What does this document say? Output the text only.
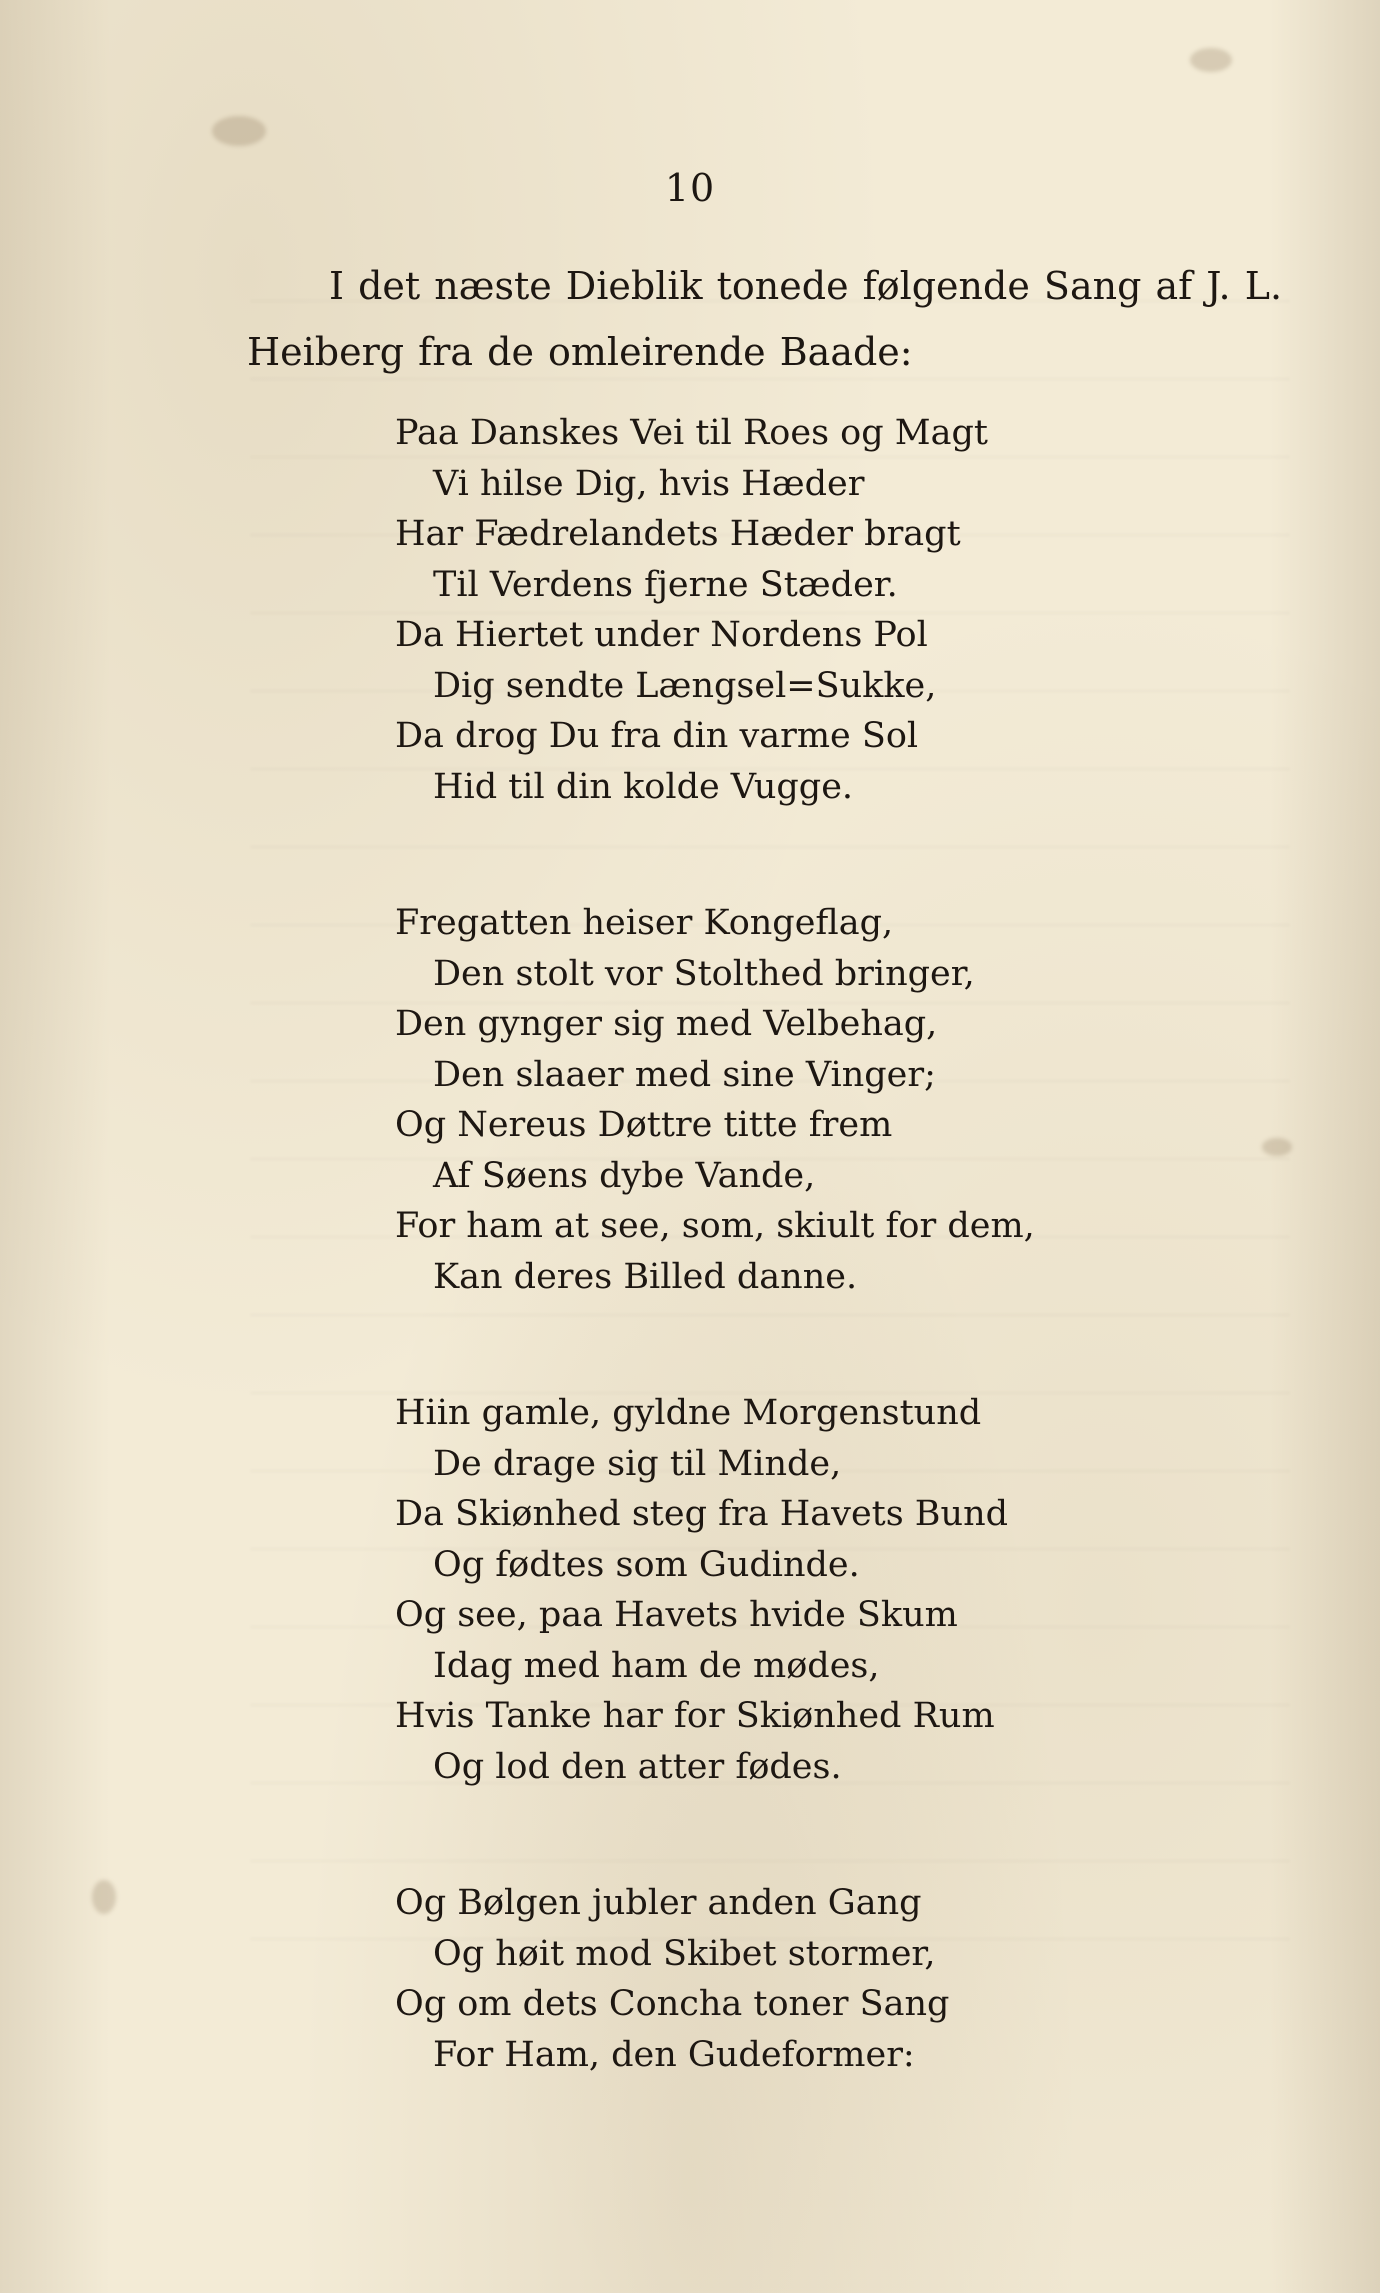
10
I det næste Dieblik tonede følgende Sang af J. L.
Heiberg fra de omleirende Baade:
Paa Danskes Vei til Roes og Magt
Vi hilse Dig, hvis Hæder
Har Fædrelandets Hæder bragt
Til Verdens fjerne Stæder.
Da Hiertet under Nordens Pol
Dig sendte Længsel=Sukke,
Da drog Du fra din varme Sol
Hid til din kolde Vugge.
Fregatten heiser Kongeflag,
Den stolt vor Stolthed bringer,
Den gynger sig med Velbehag,
Den slaaer med sine Vinger;
Og Nereus Døttre titte frem
Af Søens dybe Vande,
For ham at see, som, skiult for dem,
Kan deres Billed danne.
Hiin gamle, gyldne Morgenstund
De drage sig til Minde,
Da Skiønhed steg fra Havets Bund
Og fødtes som Gudinde.
Og see, paa Havets hvide Skum
Idag med ham de mødes,
Hvis Tanke har for Skiønhed Rum
Og lod den atter fødes.
Og Bølgen jubler anden Gang
Og høit mod Skibet stormer,
Og om dets Concha toner Sang
For Ham, den Gudeformer:
